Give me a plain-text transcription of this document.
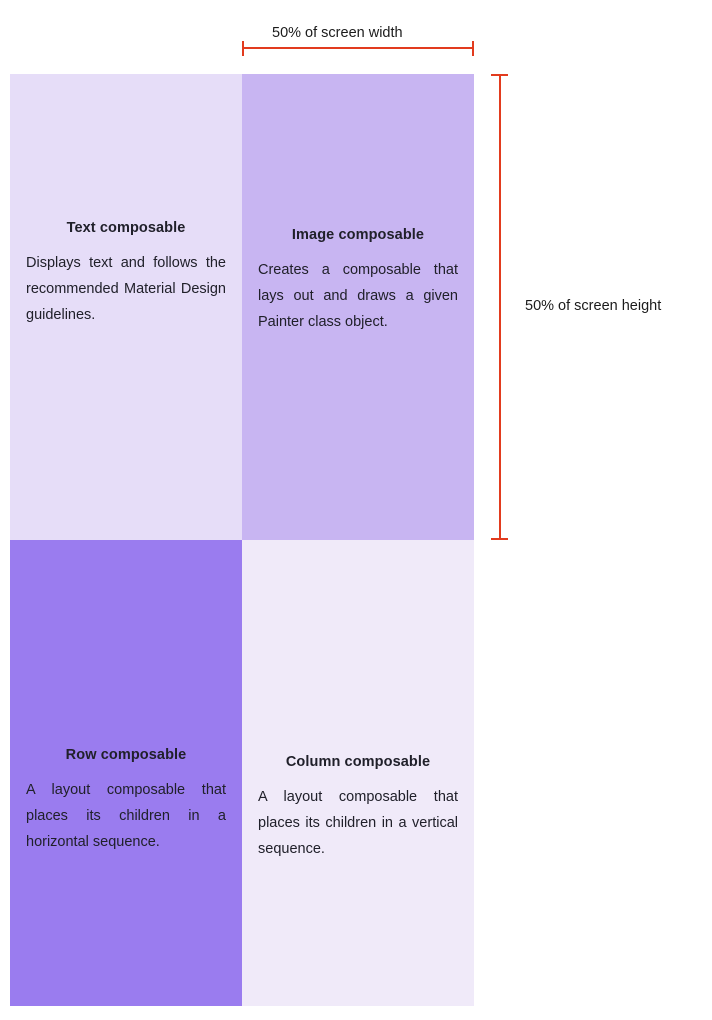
Text composable
Displays text and follows the recommended Material Design guidelines.
Image composable
Creates a composable that lays out and draws a given Painter class object.
Row composable
A layout composable that places its children in a horizontal sequence.
Column composable
A layout composable that places its children in a vertical sequence.
50% of screen width
50% of screen height
